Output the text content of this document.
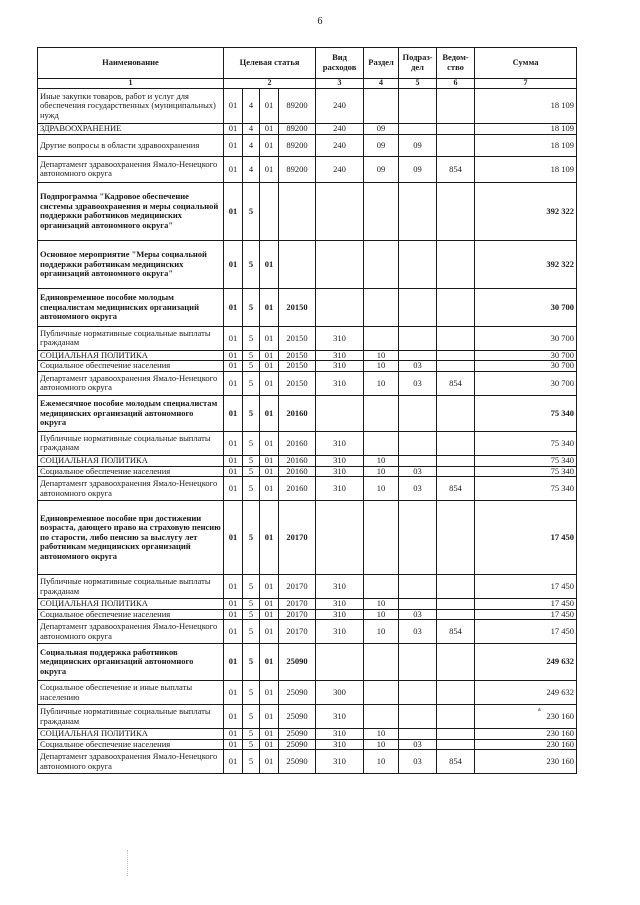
6
Наименование	Целевая статья				Вид расходов	Раздел	Подраз-дел	Ведом-ство	Сумма
1	2				3	4	5	6	7
Иные закупки товаров, работ и услуг для обеспечения государственных (муниципальных) нужд	01	4	01	89200	240				18 109
ЗДРАВООХРАНЕНИЕ	01	4	01	89200	240	09			18 109
Другие вопросы в области здравоохранения	01	4	01	89200	240	09	09		18 109
Департамент здравоохранения Ямало-Ненецкого автономного округа	01	4	01	89200	240	09	09	854	18 109
Подпрограмма "Кадровое обеспечение системы здравоохранения и меры социальной поддержки работников медицинских организаций автономного округа"	01	5							392 322
Основное мероприятие "Меры социальной поддержки работникам медицинских организаций автономного округа"	01	5	01						392 322
Единовременное пособие молодым специалистам медицинских организаций автономного округа	01	5	01	20150					30 700
Публичные нормативные социальные выплаты гражданам	01	5	01	20150	310				30 700
СОЦИАЛЬНАЯ ПОЛИТИКА	01	5	01	20150	310	10			30 700
Социальное обеспечение населения	01	5	01	20150	310	10	03		30 700
Департамент здравоохранения Ямало-Ненецкого автономного округа	01	5	01	20150	310	10	03	854	30 700
Ежемесячное пособие молодым специалистам медицинских организаций автономного округа	01	5	01	20160					75 340
Публичные нормативные социальные выплаты гражданам	01	5	01	20160	310				75 340
СОЦИАЛЬНАЯ ПОЛИТИКА	01	5	01	20160	310	10			75 340
Социальное обеспечение населения	01	5	01	20160	310	10	03		75 340
Департамент здравоохранения Ямало-Ненецкого автономного округа	01	5	01	20160	310	10	03	854	75 340
Единовременное пособие при достижении возраста, дающего право на страховую пенсию по старости, либо пенсию за выслугу лет работникам медицинских организаций автономного округа	01	5	01	20170					17 450
Публичные нормативные социальные выплаты гражданам	01	5	01	20170	310				17 450
СОЦИАЛЬНАЯ ПОЛИТИКА	01	5	01	20170	310	10			17 450
Социальное обеспечение населения	01	5	01	20170	310	10	03		17 450
Департамент здравоохранения Ямало-Ненецкого автономного округа	01	5	01	20170	310	10	03	854	17 450
Социальная поддержка работников медицинских организаций автономного округа	01	5	01	25090					249 632
Социальное обеспечение и иные выплаты населению	01	5	01	25090	300				249 632
Публичные нормативные социальные выплаты гражданам	01	5	01	25090	310				230 160
СОЦИАЛЬНАЯ ПОЛИТИКА	01	5	01	25090	310	10			230 160
Социальное обеспечение населения	01	5	01	25090	310	10	03		230 160
Департамент здравоохранения Ямало-Ненецкого автономного округа	01	5	01	25090	310	10	03	854	230 160
а
